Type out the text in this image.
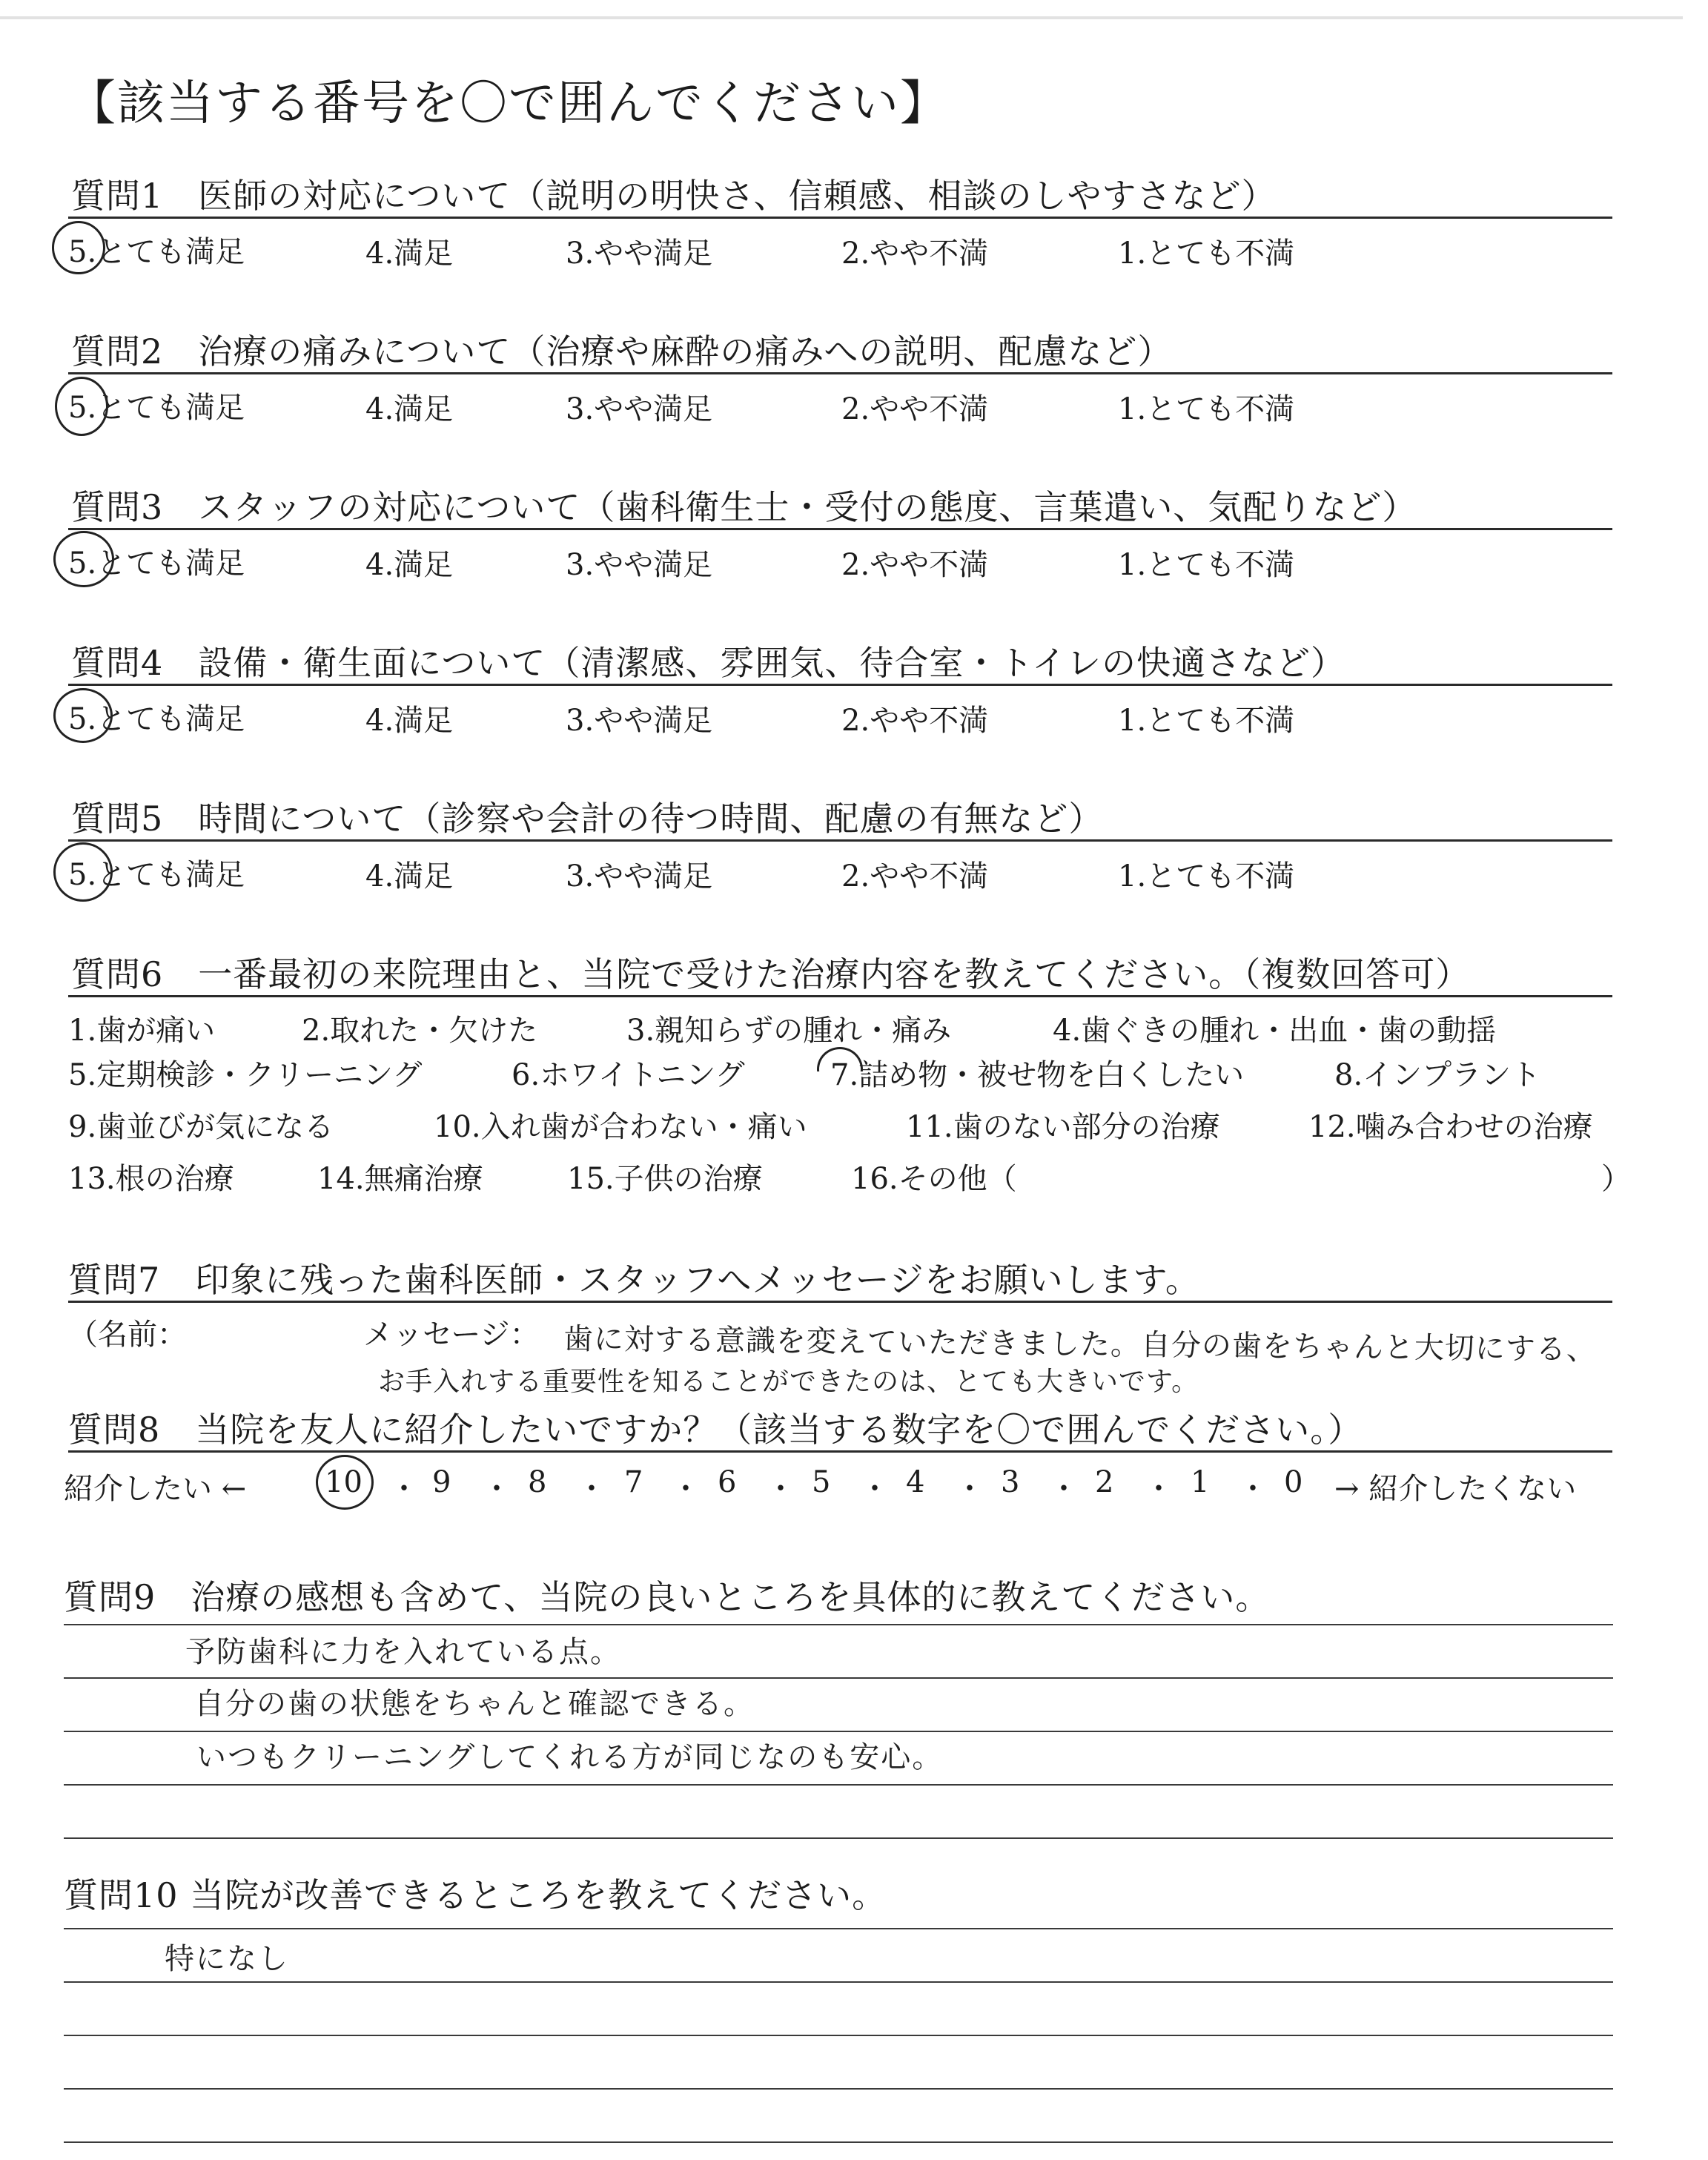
【該当する番号を〇で囲んでください】
質問1　医師の対応について（説明の明快さ、信頼感、相談のしやすさなど）
5.とても満足	4.満足	3.やや満足	2.やや不満	1.とても不満
質問2　治療の痛みについて（治療や麻酔の痛みへの説明、配慮など）
5.とても満足	4.満足	3.やや満足	2.やや不満	1.とても不満
質問3　スタッフの対応について（歯科衛生士・受付の態度、言葉遣い、気配りなど）
5.とても満足	4.満足	3.やや満足	2.やや不満	1.とても不満
質問4　設備・衛生面について（清潔感、雰囲気、待合室・トイレの快適さなど）
5.とても満足	4.満足	3.やや満足	2.やや不満	1.とても不満
質問5　時間について（診察や会計の待つ時間、配慮の有無など）
5.とても満足	4.満足	3.やや満足	2.やや不満	1.とても不満
質問6　一番最初の来院理由と、当院で受けた治療内容を教えてください。（複数回答可）
1.歯が痛い	2.取れた・欠けた	3.親知らずの腫れ・痛み	4.歯ぐきの腫れ・出血・歯の動揺
5.定期検診・クリーニング	6.ホワイトニング	7.詰め物・被せ物を白くしたい	8.インプラント
9.歯並びが気になる	10.入れ歯が合わない・痛い	11.歯のない部分の治療	12.噛み合わせの治療
13.根の治療	14.無痛治療	15.子供の治療	16.その他（	）
質問7　印象に残った歯科医師・スタッフへメッセージをお願いします。
（名前：	メッセージ： 歯に対する意識を変えていただきました。自分の歯をちゃんと大切にする、
お手入れする重要性を知ることができたのは、とても大きいです。
質問8　当院を友人に紹介したいですか？（該当する数字を〇で囲んでください。）
紹介したい ←	10 ・ 9 ・ 8 ・ 7 ・ 6 ・ 5 ・ 4 ・ 3 ・ 2 ・ 1 ・ 0 → 紹介したくない
質問9　治療の感想も含めて、当院の良いところを具体的に教えてください。
予防歯科に力を入れている点。
自分の歯の状態をちゃんと確認できる。
いつもクリーニングしてくれる方が同じなのも安心。
質問10 当院が改善できるところを教えてください。
特になし
